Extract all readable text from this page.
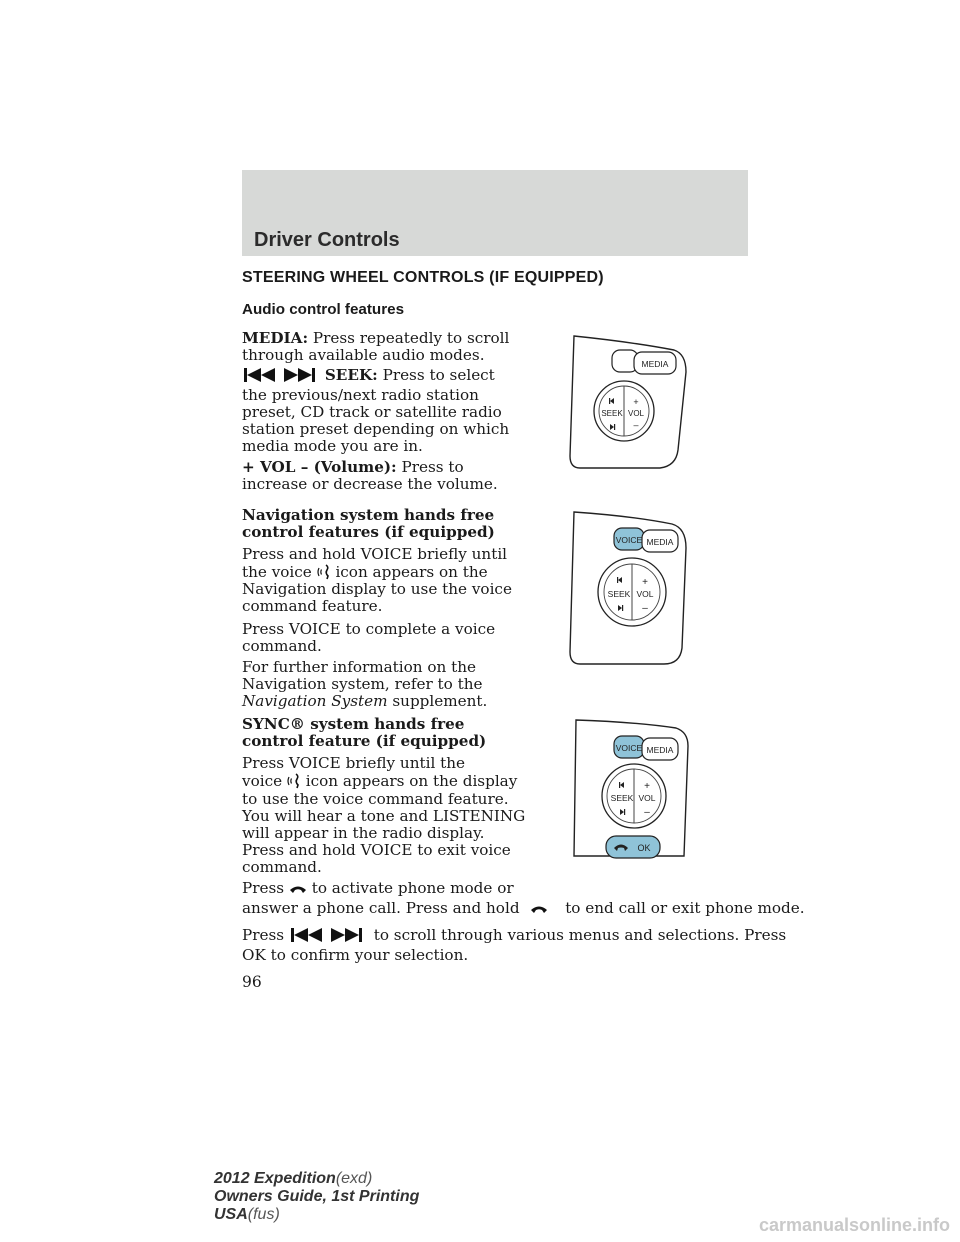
Driver Controls
STEERING WHEEL CONTROLS (IF EQUIPPED)
Audio control features
MEDIA: Press repeatedly to scroll
through available audio modes.
SEEK: Press to select
the previous/next radio station
preset, CD track or satellite radio
station preset depending on which
media mode you are in.
+ VOL – (Volume): Press to
increase or decrease the volume.
Navigation system hands free
control features (if equipped)
Press and hold VOICE briefly until
the voice icon appears on the
Navigation display to use the voice
command feature.
Press VOICE to complete a voice
command.
For further information on the
Navigation system, refer to the
Navigation System supplement.
SYNC® system hands free
control feature (if equipped)
Press VOICE briefly until the
voice icon appears on the display
to use the voice command feature.
You will hear a tone and LISTENING
will appear in the radio display.
Press and hold VOICE to exit voice
command.
Press to activate phone mode or
answer a phone call. Press and hold	to end call or exit phone mode.
Press	to scroll through various menus and selections. Press
OK to confirm your selection.
MEDIA
SEEK VOL
+
–
VOICE MEDIA
SEEK VOL
+
–
VOICE MEDIA
SEEK VOL
+
–
OK
96
2012 Expedition(exd)
Owners Guide, 1st Printing
USA(fus)
carmanualsonline.info
